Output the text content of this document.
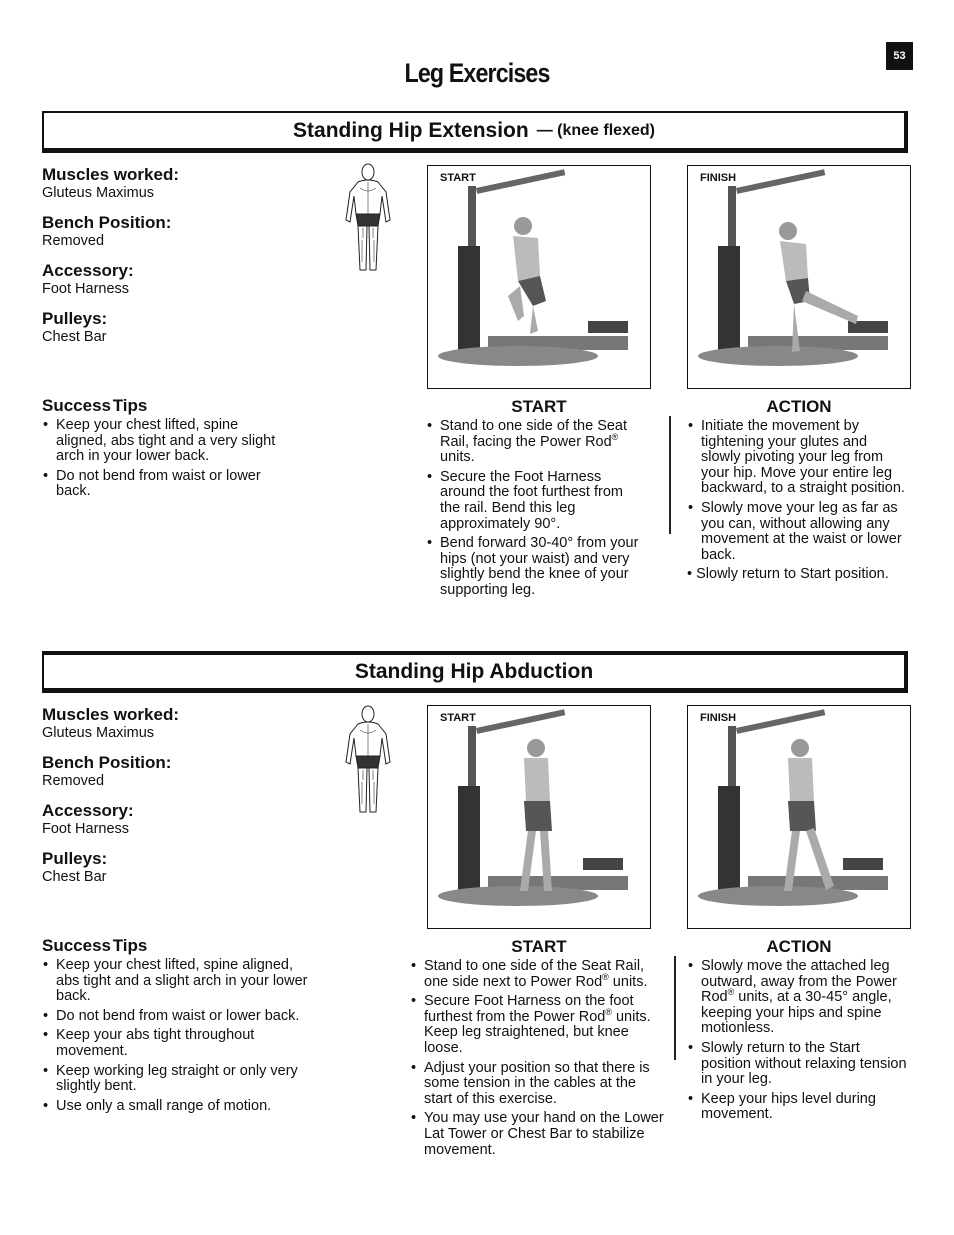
53
Leg Exercises
Standing Hip Extension — (knee flexed)
Muscles worked:
Gluteus Maximus
Bench Position:
Removed
Accessory:
Foot Harness
Pulleys:
Chest Bar
START	FINISH
Success Tips
• Keep your chest lifted, spine aligned, abs tight and a very slight arch in your lower back.
• Do not bend from waist or lower back.
START
• Stand to one side of the Seat Rail, facing the Power Rod® units.
• Secure the Foot Harness around the foot furthest from the rail. Bend this leg approximately 90°.
• Bend forward 30-40° from your hips (not your waist) and very slightly bend the knee of your supporting leg.
ACTION
• Initiate the movement by tightening your glutes and slowly pivoting your leg from your hip. Move your entire leg backward, to a straight position.
• Slowly move your leg as far as you can, without allowing any movement at the waist or lower back.
• Slowly return to Start position.
Standing Hip Abduction
Muscles worked:
Gluteus Maximus
Bench Position:
Removed
Accessory:
Foot Harness
Pulleys:
Chest Bar
START	FINISH
Success Tips
• Keep your chest lifted, spine aligned, abs tight and a slight arch in your lower back.
• Do not bend from waist or lower back.
• Keep your abs tight throughout movement.
• Keep working leg straight or only very slightly bent.
• Use only a small range of motion.
START
• Stand to one side of the Seat Rail, one side next to Power Rod® units.
• Secure Foot Harness on the foot furthest from the Power Rod® units. Keep leg straightened, but knee loose.
• Adjust your position so that there is some tension in the cables at the start of this exercise.
• You may use your hand on the Lower Lat Tower or Chest Bar to stabilize movement.
ACTION
• Slowly move the attached leg outward, away from the Power Rod® units, at a 30-45° angle, keeping your hips and spine motionless.
• Slowly return to the Start position without relaxing tension in your leg.
• Keep your hips level during movement.
